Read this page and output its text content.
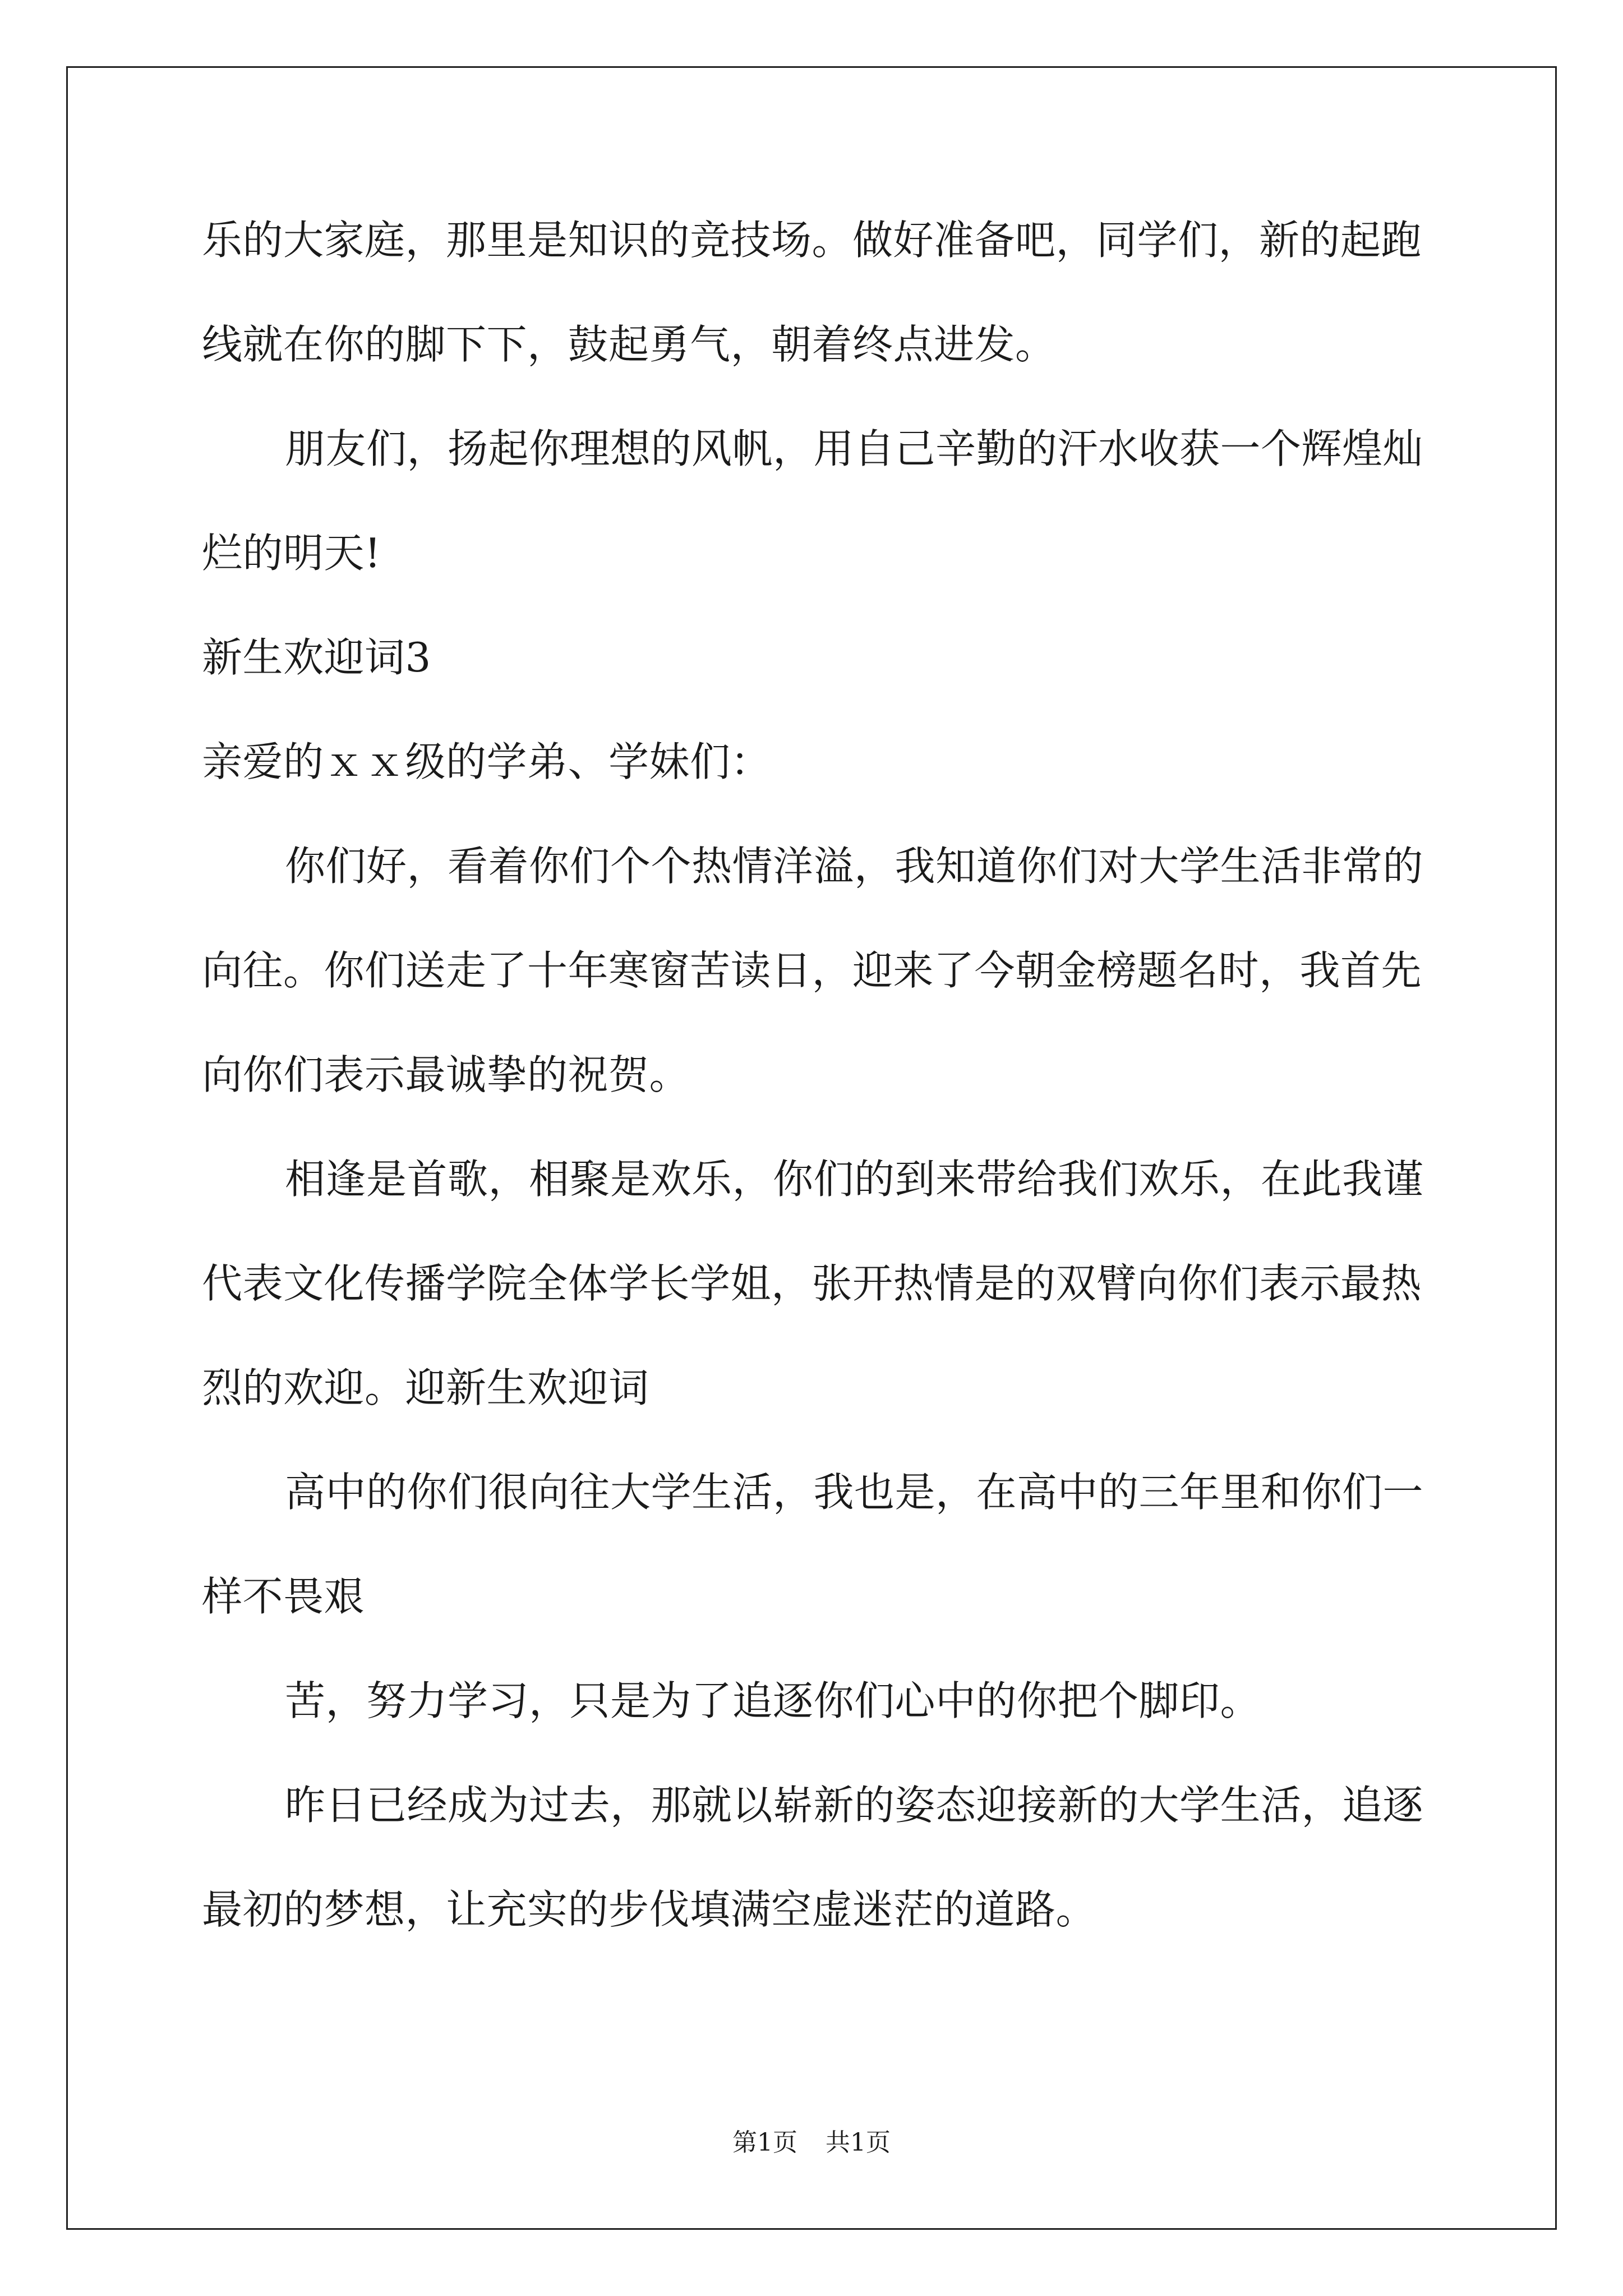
乐的大家庭，那里是知识的竞技场。做好准备吧，同学们，新的起跑
线就在你的脚下下，鼓起勇气，朝着终点进发。
朋友们，扬起你理想的风帆，用自己辛勤的汗水收获一个辉煌灿
烂的明天!
新生欢迎词3
亲爱的ｘｘ级的学弟、学妹们：
你们好，看着你们个个热情洋溢，我知道你们对大学生活非常的
向往。你们送走了十年寒窗苦读日，迎来了今朝金榜题名时，我首先
向你们表示最诚挚的祝贺。
相逢是首歌，相聚是欢乐，你们的到来带给我们欢乐，在此我谨
代表文化传播学院全体学长学姐，张开热情是的双臂向你们表示最热
烈的欢迎。迎新生欢迎词
高中的你们很向往大学生活，我也是，在高中的三年里和你们一
样不畏艰
苦，努力学习，只是为了追逐你们心中的你把个脚印。
昨日已经成为过去，那就以崭新的姿态迎接新的大学生活，追逐
最初的梦想，让充实的步伐填满空虚迷茫的道路。
第1页 共1页
